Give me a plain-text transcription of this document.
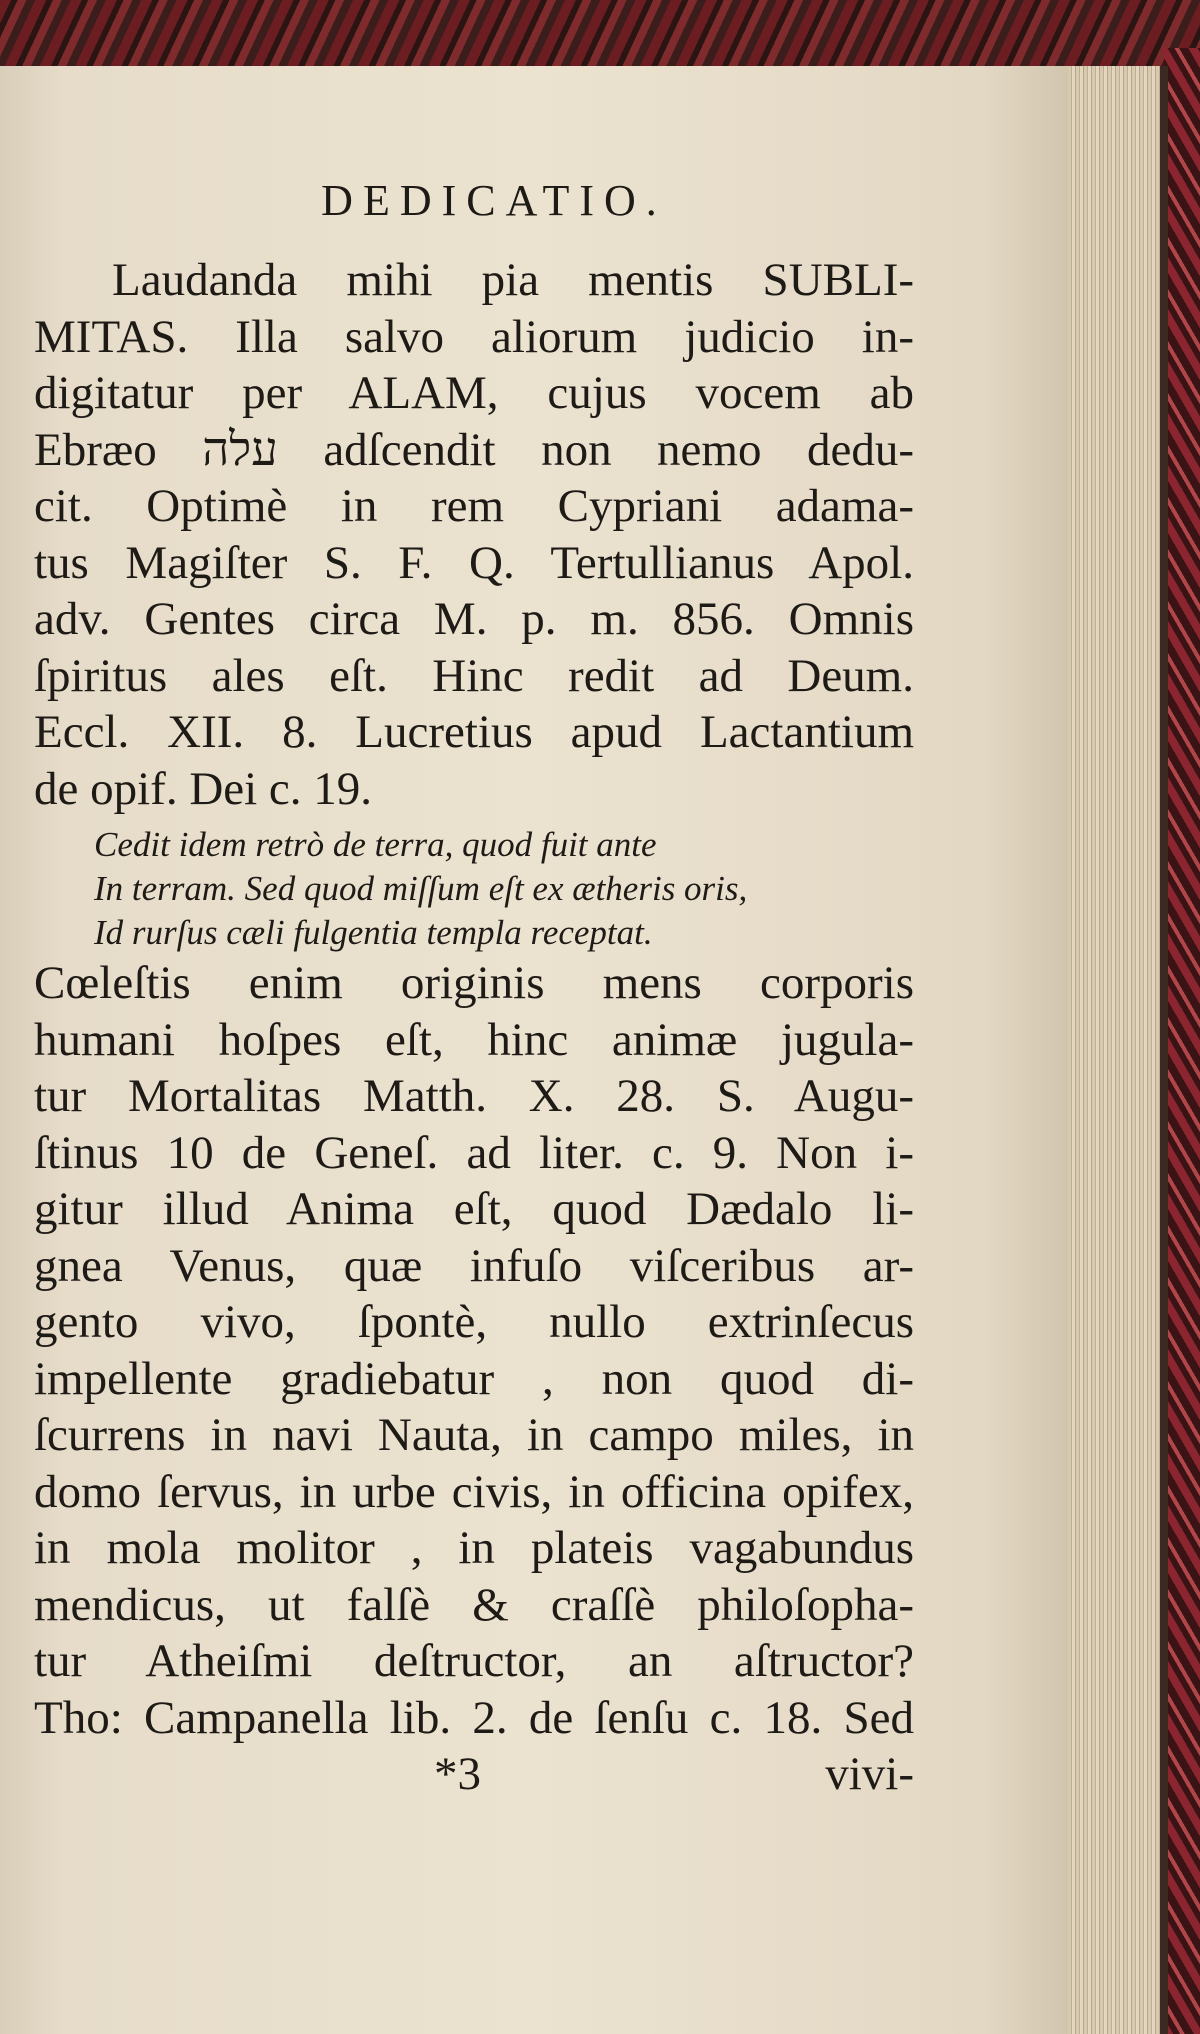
DEDICATIO.
Laudanda mihi pia mentis SUBLI-
MITAS. Illa salvo aliorum judicio in-
digitatur per ALAM, cujus vocem ab
Ebræo עלה adſcendit non nemo dedu-
cit. Optimè in rem Cypriani adama-
tus Magiſter S. F. Q. Tertullianus Apol.
adv. Gentes circa M. p. m. 856. Omnis
ſpiritus ales eſt. Hinc redit ad Deum.
Eccl. XII. 8. Lucretius apud Lactantium
de opif. Dei c. 19.
Cedit idem retrò de terra, quod fuit ante
In terram. Sed quod miſſum eſt ex ætheris oris,
Id rurſus cæli fulgentia templa receptat.
Cœleſtis enim originis mens corporis
humani hoſpes eſt, hinc animæ jugula-
tur Mortalitas Matth. X. 28. S. Augu-
ſtinus 10 de Geneſ. ad liter. c. 9. Non i-
gitur illud Anima eſt, quod Dædalo li-
gnea Venus, quæ infuſo viſceribus ar-
gento vivo, ſpontè, nullo extrinſecus
impellente gradiebatur , non quod di-
ſcurrens in navi Nauta, in campo miles, in
domo ſervus, in urbe civis, in officina opifex,
in mola molitor , in plateis vagabundus
mendicus, ut falſè & craſſè philoſopha-
tur Atheiſmi deſtructor, an aſtructor?
Tho: Campanella lib. 2. de ſenſu c. 18. Sed
*3	vivi-
